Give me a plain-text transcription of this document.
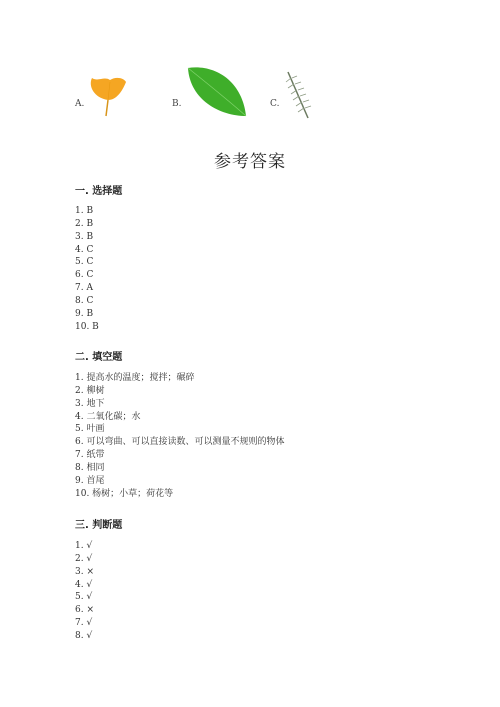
A.	B.	C.
参考答案
一. 选择题
1. B
2. B
3. B
4. C
5. C
6. C
7. A
8. C
9. B
10. B
二. 填空题
1. 提高水的温度；搅拌；碾碎
2. 柳树
3. 地下
4. 二氧化碳；水
5. 叶画
6. 可以弯曲、可以直接读数、可以测量不规则的物体
7. 纸带
8. 相同
9. 首尾
10. 杨树；小草；荷花等
三. 判断题
1. √
2. √
3. ×
4. √
5. √
6. ×
7. √
8. √
